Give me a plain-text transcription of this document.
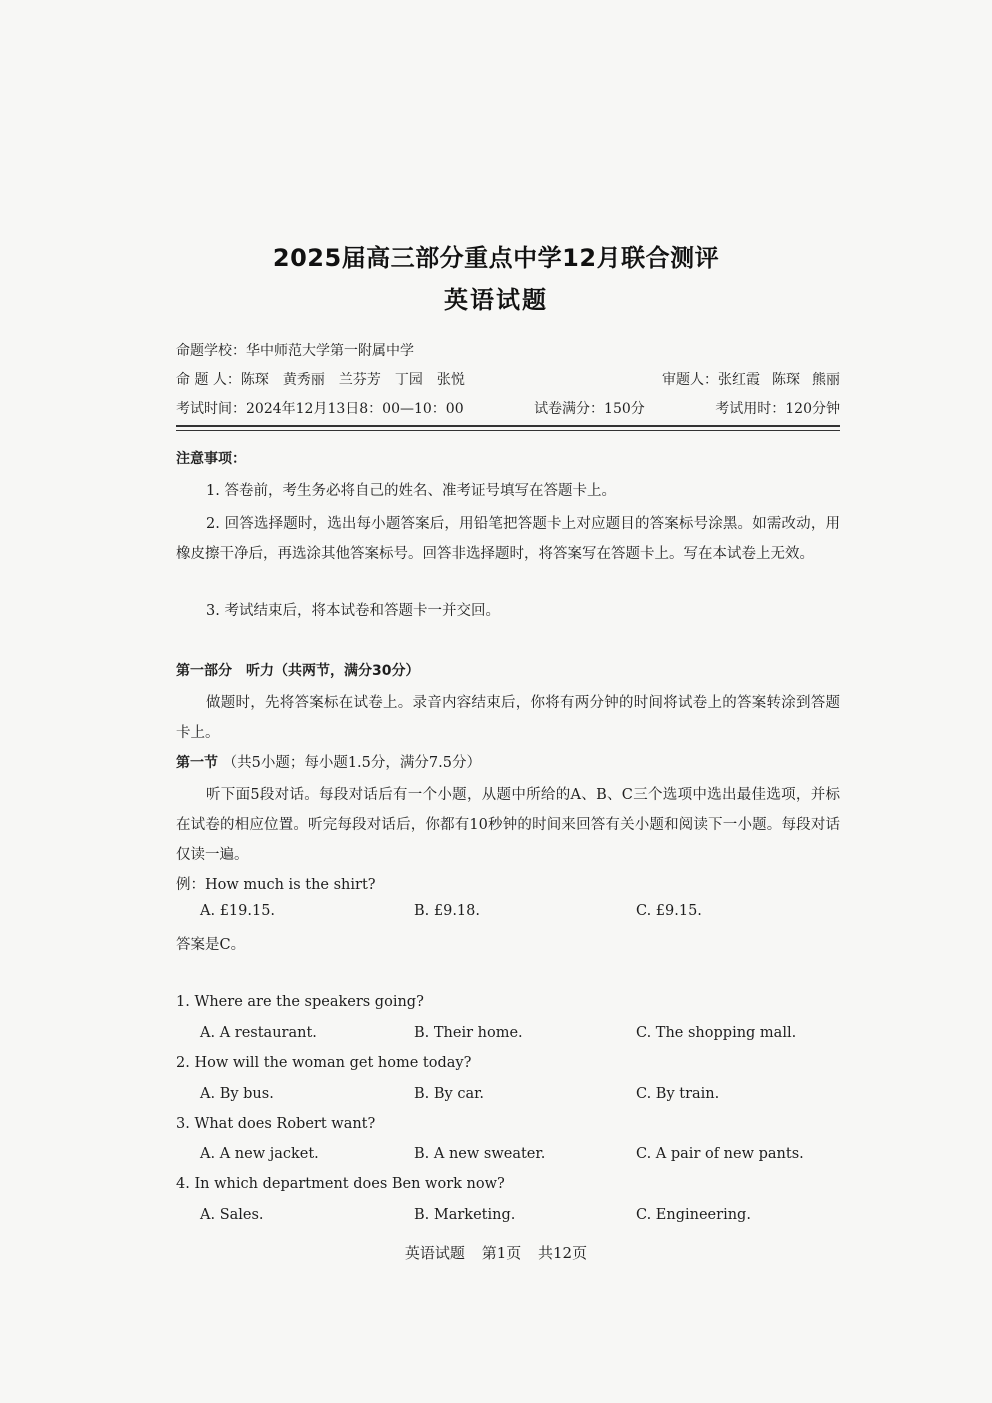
2025届高三部分重点中学12月联合测评
英语试题
命题学校：华中师范大学第一附属中学
命 题 人：陈琛 黄秀丽 兰芬芳 丁园 张悦	审题人：张红霞 陈琛 熊丽
考试时间：2024年12月13日8：00—10：00	试卷满分：150分	考试用时：120分钟
注意事项：
1. 答卷前，考生务必将自己的姓名、准考证号填写在答题卡上。
2. 回答选择题时，选出每小题答案后，用铅笔把答题卡上对应题目的答案标号涂黑。如需改动，用橡皮擦干净后，再选涂其他答案标号。回答非选择题时，将答案写在答题卡上。写在本试卷上无效。
3. 考试结束后，将本试卷和答题卡一并交回。
第一部分　听力（共两节，满分30分）
做题时，先将答案标在试卷上。录音内容结束后，你将有两分钟的时间将试卷上的答案转涂到答题卡上。
第一节 （共5小题；每小题1.5分，满分7.5分）
听下面5段对话。每段对话后有一个小题，从题中所给的A、B、C三个选项中选出最佳选项，并标在试卷的相应位置。听完每段对话后，你都有10秒钟的时间来回答有关小题和阅读下一小题。每段对话仅读一遍。
例：How much is the shirt?
A. £19.15.	B. £9.18.	C. £9.15.
答案是C。
1. Where are the speakers going?
A. A restaurant.	B. Their home.	C. The shopping mall.
2. How will the woman get home today?
A. By bus.	B. By car.	C. By train.
3. What does Robert want?
A. A new jacket.	B. A new sweater.	C. A pair of new pants.
4. In which department does Ben work now?
A. Sales.	B. Marketing.	C. Engineering.
英语试题 第1页 共12页
